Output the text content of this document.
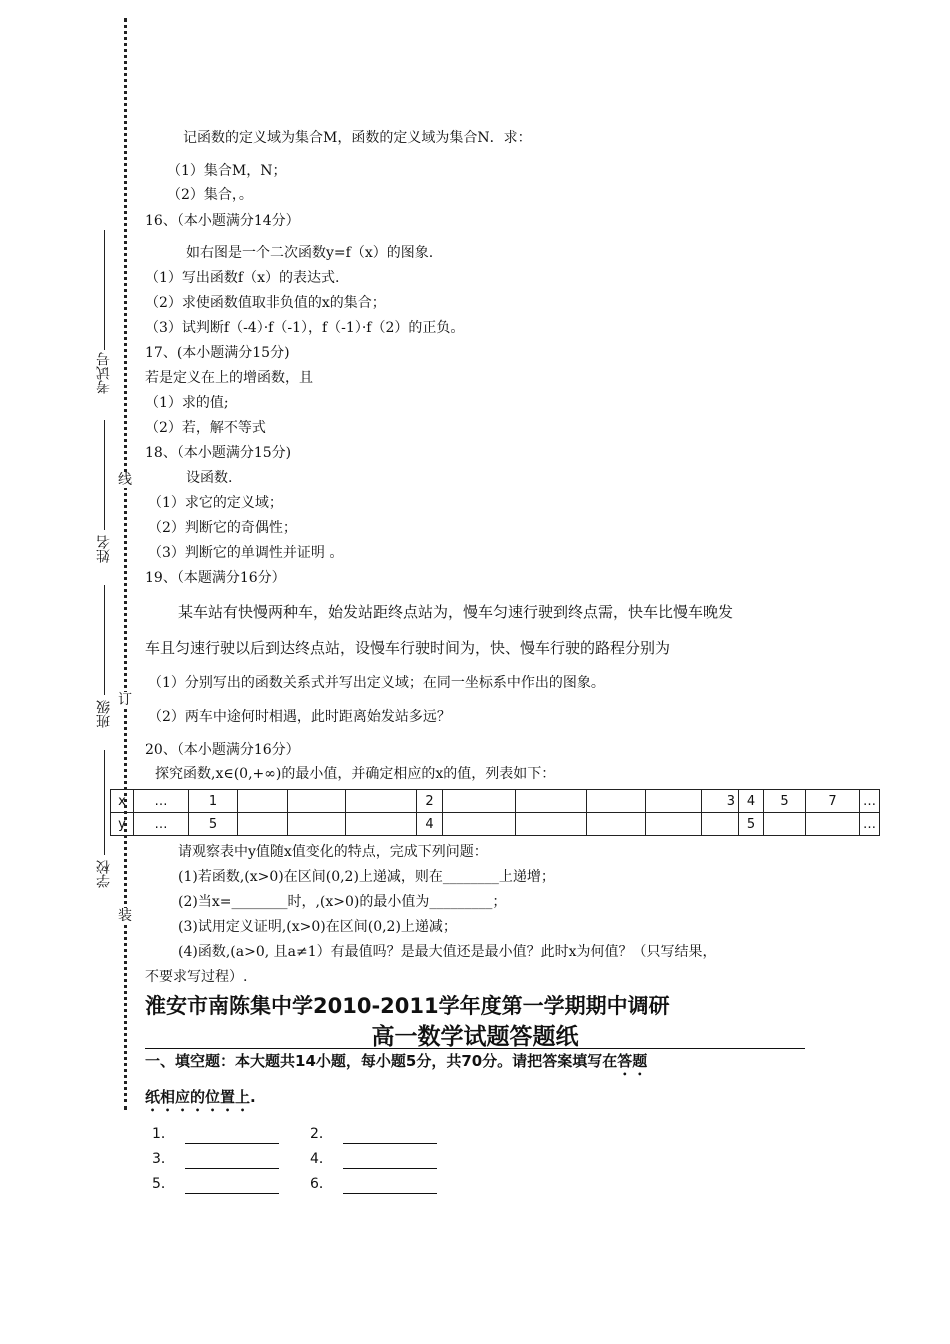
考试号
姓名
班级
学校
线
订
装
记函数的定义域为集合M，函数的定义域为集合N．求：
（1）集合M，N；
（2）集合，。
16、（本小题满分14分）
如右图是一个二次函数y=f（x）的图象.
（1）写出函数f（x）的表达式.
（2）求使函数值取非负值的x的集合；
（3）试判断f（-4）·f（-1），f（-1）·f（2）的正负。
17、(本小题满分15分)
若是定义在上的增函数，且
（1）求的值;
（2）若，解不等式
18、（本小题满分15分)
设函数.
（1）求它的定义域；
（2）判断它的奇偶性；
（3）判断它的单调性并证明 。
19、（本题满分16分）
某车站有快慢两种车，始发站距终点站为，慢车匀速行驶到终点需，快车比慢车晚发
车且匀速行驶以后到达终点站，设慢车行驶时间为，快、慢车行驶的路程分别为
（1）分别写出的函数关系式并写出定义域；在同一坐标系中作出的图象。
（2）两车中途何时相遇，此时距离始发站多远？
20、（本小题满分16分）
探究函数,x∈(0,+∞)的最小值，并确定相应的x的值，列表如下：
x	…	1				2					3	4	5	7	…
y	…	5				4						5			…
请观察表中y值随x值变化的特点，完成下列问题：
(1)若函数,(x>0)在区间(0,2)上递减，则在________上递增；
(2)当x=________时，,(x>0)的最小值为_________；
(3)试用定义证明,(x>0)在区间(0,2)上递减；
(4)函数,(a>0, 且a≠1）有最值吗？是最大值还是最小值？此时x为何值？（只写结果，
不要求写过程）.
淮安市南陈集中学2010-2011学年度第一学期期中调研
高一数学试题答题纸
一、填空题：本大题共14小题，每小题5分，共70分。请把答案填写在答题
纸相应的位置上.
1．	2．
3．	4．
5．	6．
